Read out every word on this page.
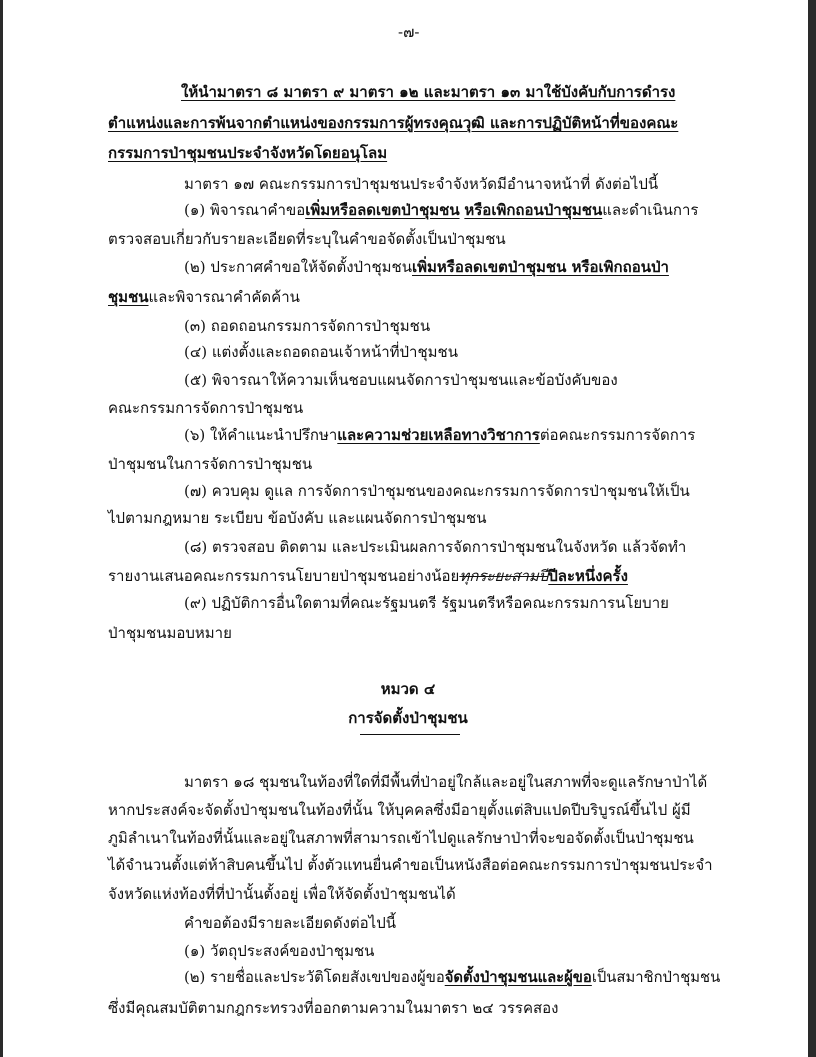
-๗-
ให้นำมาตรา ๘ มาตรา ๙ มาตรา ๑๒ และมาตรา ๑๓ มาใช้บังคับกับการดำรง
ตำแหน่งและการพ้นจากตำแหน่งของกรรมการผู้ทรงคุณวุฒิ และการปฏิบัติหน้าที่ของคณะ
กรรมการป่าชุมชนประจำจังหวัดโดยอนุโลม
มาตรา ๑๗ คณะกรรมการป่าชุมชนประจำจังหวัดมีอำนาจหน้าที่ ดังต่อไปนี้
(๑) พิจารณาคำขอเพิ่มหรือลดเขตป่าชุมชน หรือเพิกถอนป่าชุมชนและดำเนินการ
ตรวจสอบเกี่ยวกับรายละเอียดที่ระบุในคำขอจัดตั้งเป็นป่าชุมชน
(๒) ประกาศคำขอให้จัดตั้งป่าชุมชนเพิ่มหรือลดเขตป่าชุมชน หรือเพิกถอนป่า
ชุมชนและพิจารณาคำคัดค้าน
(๓) ถอดถอนกรรมการจัดการป่าชุมชน
(๔) แต่งตั้งและถอดถอนเจ้าหน้าที่ป่าชุมชน
(๕) พิจารณาให้ความเห็นชอบแผนจัดการป่าชุมชนและข้อบังคับของ
คณะกรรมการจัดการป่าชุมชน
(๖) ให้คำแนะนำปรึกษาและความช่วยเหลือทางวิชาการต่อคณะกรรมการจัดการ
ป่าชุมชนในการจัดการป่าชุมชน
(๗) ควบคุม ดูแล การจัดการป่าชุมชนของคณะกรรมการจัดการป่าชุมชนให้เป็น
ไปตามกฎหมาย ระเบียบ ข้อบังคับ และแผนจัดการป่าชุมชน
(๘) ตรวจสอบ ติดตาม และประเมินผลการจัดการป่าชุมชนในจังหวัด แล้วจัดทำ
รายงานเสนอคณะกรรมการนโยบายป่าชุมชนอย่างน้อยทุกระยะสามปีปีละหนึ่งครั้ง
(๙) ปฏิบัติการอื่นใดตามที่คณะรัฐมนตรี รัฐมนตรีหรือคณะกรรมการนโยบาย
ป่าชุมชนมอบหมาย
หมวด ๔
การจัดตั้งป่าชุมชน
มาตรา ๑๘ ชุมชนในท้องที่ใดที่มีพื้นที่ป่าอยู่ใกล้และอยู่ในสภาพที่จะดูแลรักษาป่าได้
หากประสงค์จะจัดตั้งป่าชุมชนในท้องที่นั้น ให้บุคคลซึ่งมีอายุตั้งแต่สิบแปดปีบริบูรณ์ขึ้นไป ผู้มี
ภูมิลำเนาในท้องที่นั้นและอยู่ในสภาพที่สามารถเข้าไปดูแลรักษาป่าที่จะขอจัดตั้งเป็นป่าชุมชน
ได้จำนวนตั้งแต่ห้าสิบคนขึ้นไป ตั้งตัวแทนยื่นคำขอเป็นหนังสือต่อคณะกรรมการป่าชุมชนประจำ
จังหวัดแห่งท้องที่ที่ป่านั้นตั้งอยู่ เพื่อให้จัดตั้งป่าชุมชนได้
คำขอต้องมีรายละเอียดดังต่อไปนี้
(๑) วัตถุประสงค์ของป่าชุมชน
(๒) รายชื่อและประวัติโดยสังเขปของผู้ขอจัดตั้งป่าชุมชนและผู้ขอเป็นสมาชิกป่าชุมชน
ซึ่งมีคุณสมบัติตามกฎกระทรวงที่ออกตามความในมาตรา ๒๔ วรรคสอง
